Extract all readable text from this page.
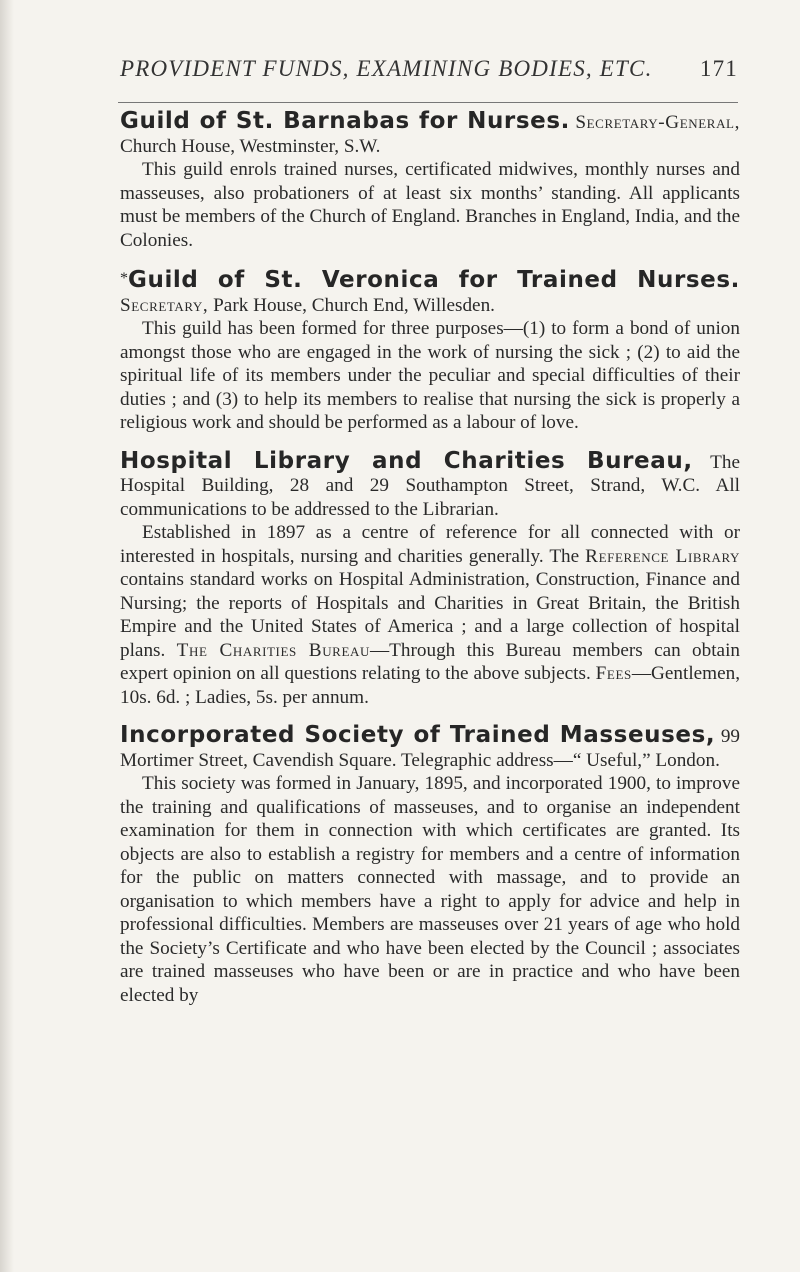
PROVIDENT FUNDS, EXAMINING BODIES, ETC. 171

Guild of St. Barnabas for Nurses. Secretary-General, Church House, Westminster, S.W.

This guild enrols trained nurses, certificated midwives, monthly nurses and masseuses, also probationers of at least six months’ standing. All applicants must be members of the Church of England. Branches in England, India, and the Colonies.

*Guild of St. Veronica for Trained Nurses. Secretary, Park House, Church End, Willesden.

This guild has been formed for three purposes—(1) to form a bond of union amongst those who are engaged in the work of nursing the sick ; (2) to aid the spiritual life of its members under the peculiar and special difficulties of their duties ; and (3) to help its members to realise that nursing the sick is properly a religious work and should be performed as a labour of love.

Hospital Library and Charities Bureau, The Hospital Building, 28 and 29 Southampton Street, Strand, W.C. All communications to be addressed to the Librarian.

Established in 1897 as a centre of reference for all connected with or interested in hospitals, nursing and charities generally. The Reference Library contains standard works on Hospital Administration, Construction, Finance and Nursing; the reports of Hospitals and Charities in Great Britain, the British Empire and the United States of America ; and a large collection of hospital plans. The Charities Bureau—Through this Bureau members can obtain expert opinion on all questions relating to the above subjects. Fees—Gentlemen, 10s. 6d. ; Ladies, 5s. per annum.

Incorporated Society of Trained Masseuses, 99 Mortimer Street, Cavendish Square. Telegraphic address—“ Useful,” London.

This society was formed in January, 1895, and incorporated 1900, to improve the training and qualifications of masseuses, and to organise an independent examination for them in connection with which certificates are granted. Its objects are also to establish a registry for members and a centre of information for the public on matters connected with massage, and to provide an organisation to which members have a right to apply for advice and help in professional difficulties. Members are masseuses over 21 years of age who hold the Society’s Certificate and who have been elected by the Council ; associates are trained masseuses who have been or are in practice and who have been elected by
